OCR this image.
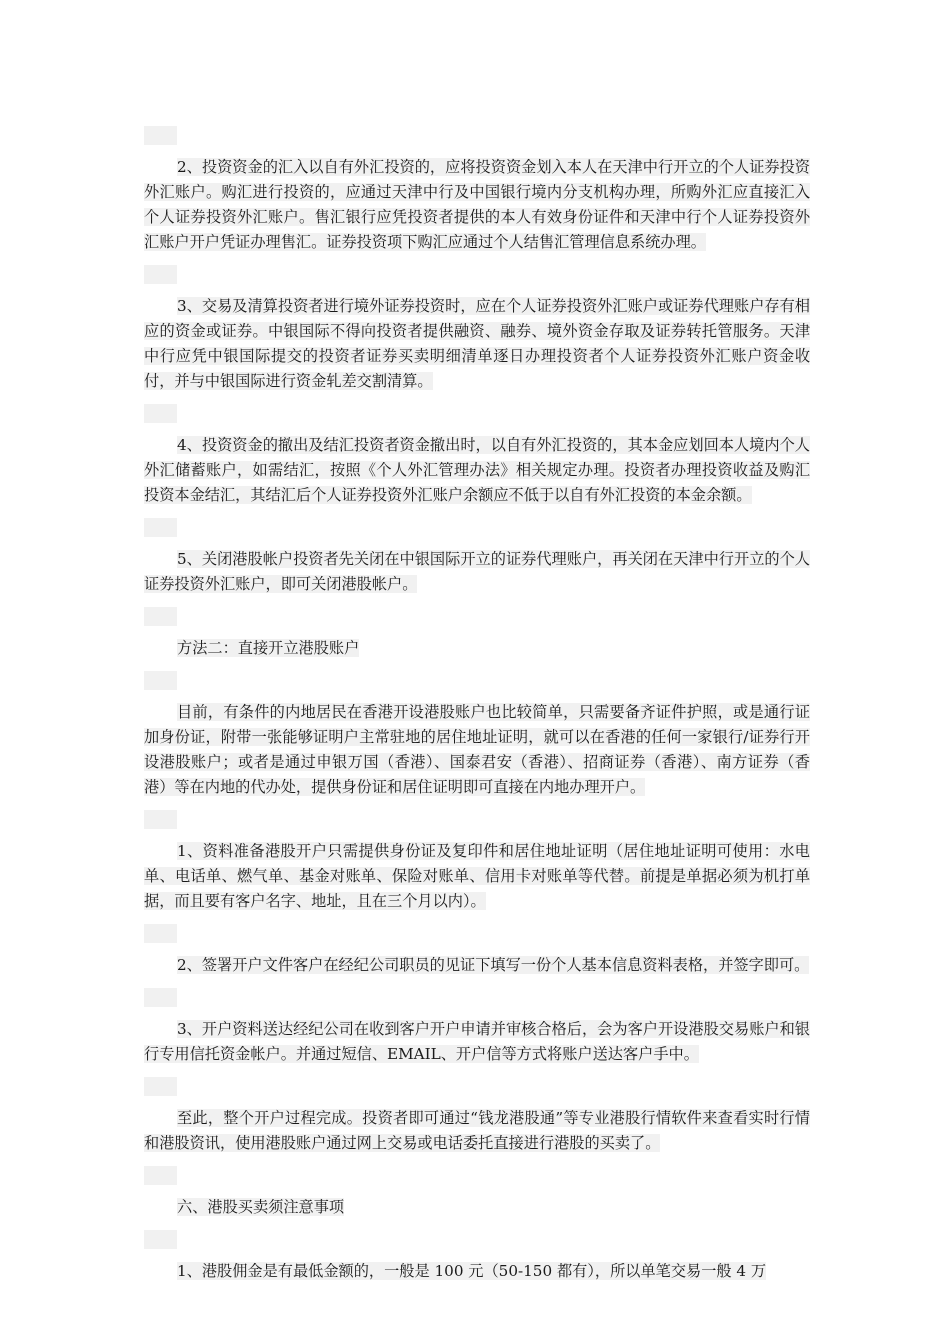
2、投资资金的汇入以自有外汇投资的，应将投资资金划入本人在天津中行开立的个人证券投资外汇账户。购汇进行投资的，应通过天津中行及中国银行境内分支机构办理，所购外汇应直接汇入个人证券投资外汇账户。售汇银行应凭投资者提供的本人有效身份证件和天津中行个人证券投资外汇账户开户凭证办理售汇。证券投资项下购汇应通过个人结售汇管理信息系统办理。

3、交易及清算投资者进行境外证券投资时，应在个人证券投资外汇账户或证券代理账户存有相应的资金或证券。中银国际不得向投资者提供融资、融券、境外资金存取及证券转托管服务。天津中行应凭中银国际提交的投资者证券买卖明细清单逐日办理投资者个人证券投资外汇账户资金收付，并与中银国际进行资金轧差交割清算。

4、投资资金的撤出及结汇投资者资金撤出时，以自有外汇投资的，其本金应划回本人境内个人外汇储蓄账户，如需结汇，按照《个人外汇管理办法》相关规定办理。投资者办理投资收益及购汇投资本金结汇，其结汇后个人证券投资外汇账户余额应不低于以自有外汇投资的本金余额。

5、关闭港股帐户投资者先关闭在中银国际开立的证券代理账户，再关闭在天津中行开立的个人证券投资外汇账户，即可关闭港股帐户。

方法二：直接开立港股账户

目前，有条件的内地居民在香港开设港股账户也比较简单，只需要备齐证件护照，或是通行证加身份证，附带一张能够证明户主常驻地的居住地址证明，就可以在香港的任何一家银行/证券行开设港股账户；或者是通过申银万国（香港）、国泰君安（香港）、招商证券（香港）、南方证券（香港）等在内地的代办处，提供身份证和居住证明即可直接在内地办理开户。

1、资料准备港股开户只需提供身份证及复印件和居住地址证明（居住地址证明可使用：水电单、电话单、燃气单、基金对账单、保险对账单、信用卡对账单等代替。前提是单据必须为机打单据，而且要有客户名字、地址，且在三个月以内）。

2、签署开户文件客户在经纪公司职员的见证下填写一份个人基本信息资料表格，并签字即可。

3、开户资料送达经纪公司在收到客户开户申请并审核合格后，会为客户开设港股交易账户和银行专用信托资金帐户。并通过短信、EMAIL、开户信等方式将账户送达客户手中。

至此，整个开户过程完成。投资者即可通过“钱龙港股通”等专业港股行情软件来查看实时行情和港股资讯，使用港股账户通过网上交易或电话委托直接进行港股的买卖了。

六、港股买卖须注意事项

1、港股佣金是有最低金额的，一般是 100 元（50-150 都有），所以单笔交易一般 4 万
